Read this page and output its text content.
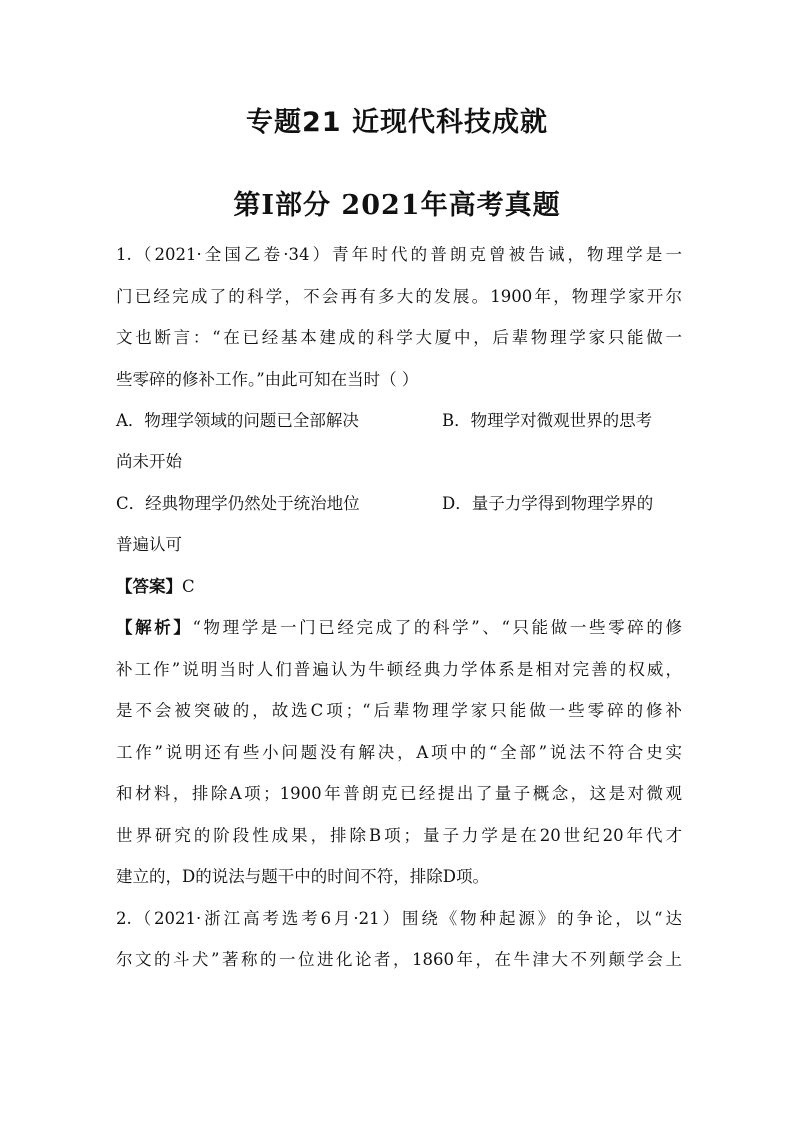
专题21 近现代科技成就
第Ⅰ部分 2021年高考真题

1.（2021·全国乙卷·34）青年时代的普朗克曾被告诫，物理学是一

门已经完成了的科学，不会再有多大的发展。1900年，物理学家开尔

文也断言：“在已经基本建成的科学大厦中，后辈物理学家只能做一

些零碎的修补工作。”由此可知在当时（ ）

A．物理学领域的问题已全部解决	B．物理学对微观世界的思考

尚未开始

C．经典物理学仍然处于统治地位	D．量子力学得到物理学界的

普遍认可

【答案】C

【解析】“物理学是一门已经完成了的科学”、“只能做一些零碎的修

补工作”说明当时人们普遍认为牛顿经典力学体系是相对完善的权威，

是不会被突破的，故选C项；“后辈物理学家只能做一些零碎的修补

工作”说明还有些小问题没有解决，A项中的“全部”说法不符合史实

和材料，排除A项；1900年普朗克已经提出了量子概念，这是对微观

世界研究的阶段性成果，排除B项；量子力学是在20世纪20年代才

建立的，D的说法与题干中的时间不符，排除D项。

2.（2021·浙江高考选考6月·21）围绕《物种起源》的争论，以“达

尔文的斗犬”著称的一位进化论者，1860年，在牛津大不列颠学会上
